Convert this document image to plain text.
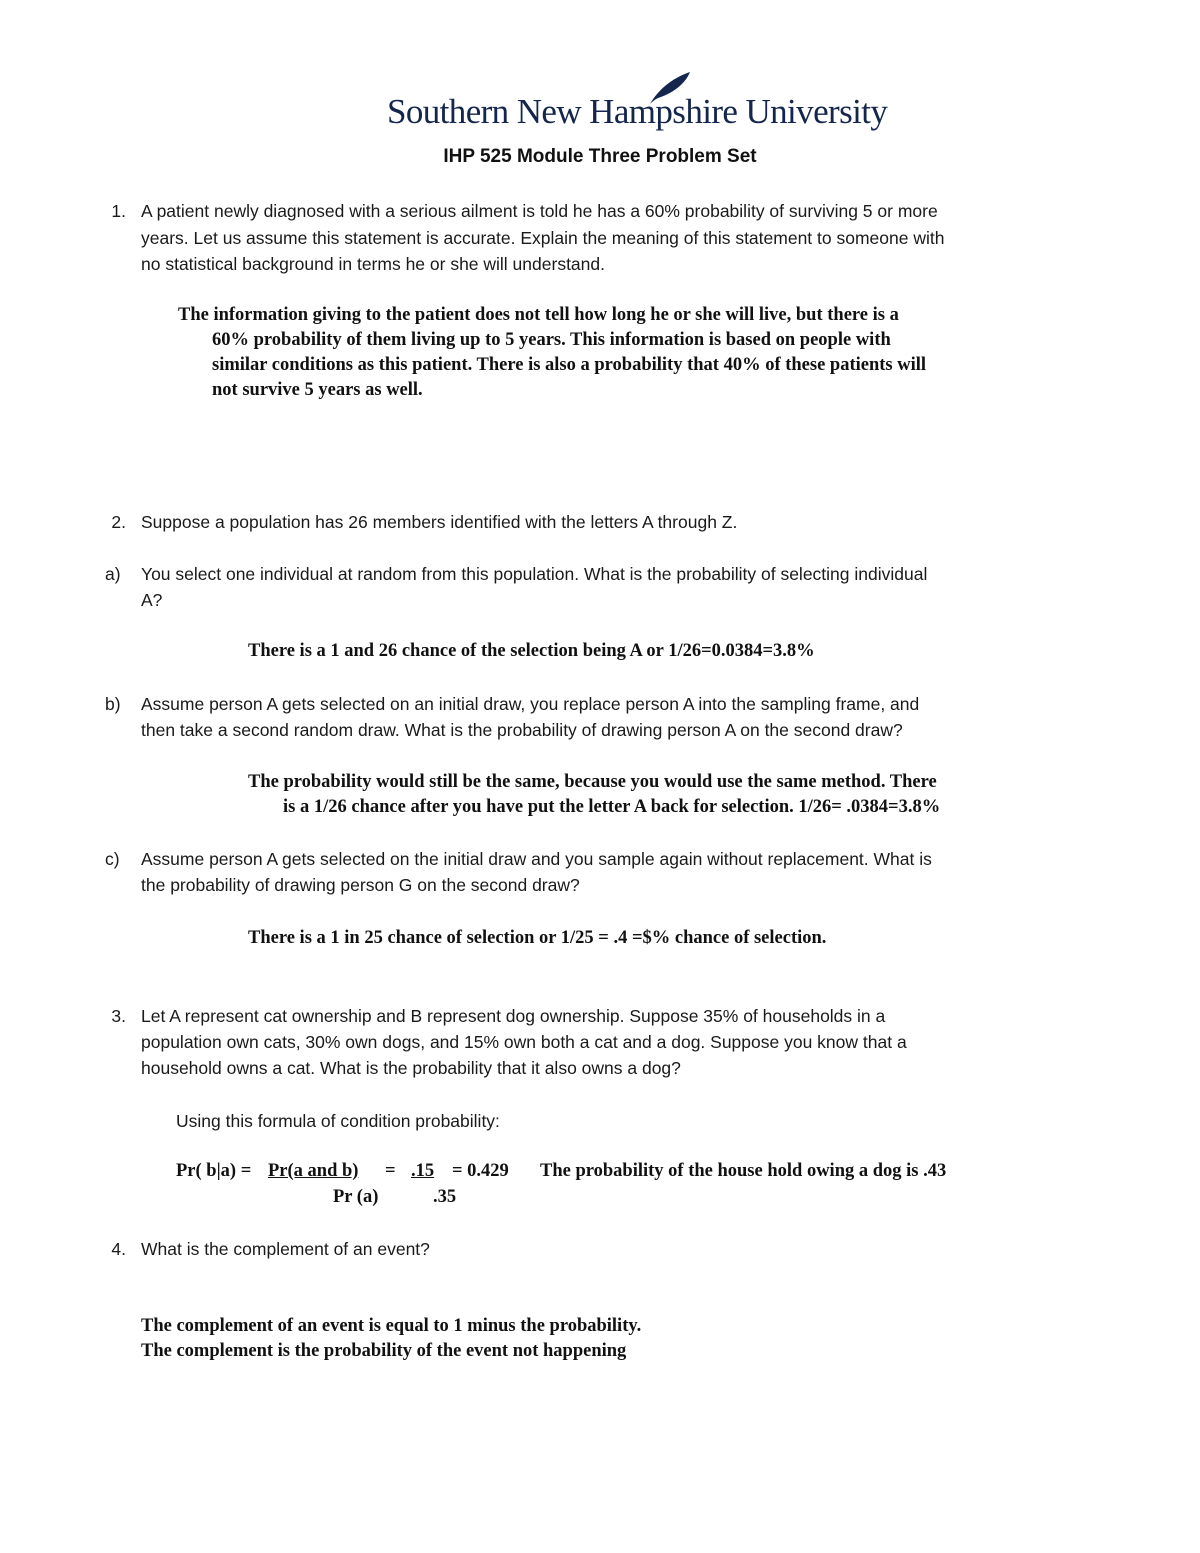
Southern New Hampshire University
IHP 525 Module Three Problem Set
1. A patient newly diagnosed with a serious ailment is told he has a 60% probability of surviving 5 or more
years. Let us assume this statement is accurate. Explain the meaning of this statement to someone with
no statistical background in terms he or she will understand.
The information giving to the patient does not tell how long he or she will live, but there is a
60% probability of them living up to 5 years. This information is based on people with
similar conditions as this patient. There is also a probability that 40% of these patients will
not survive 5 years as well.
2. Suppose a population has 26 members identified with the letters A through Z.
a) You select one individual at random from this population. What is the probability of selecting individual
A?
There is a 1 and 26 chance of the selection being A or 1/26=0.0384=3.8%
b) Assume person A gets selected on an initial draw, you replace person A into the sampling frame, and
then take a second random draw. What is the probability of drawing person A on the second draw?
The probability would still be the same, because you would use the same method. There
is a 1/26 chance after you have put the letter A back for selection. 1/26= .0384=3.8%
c) Assume person A gets selected on the initial draw and you sample again without replacement. What is
the probability of drawing person G on the second draw?
There is a 1 in 25 chance of selection or 1/25 = .4 =$% chance of selection.
3. Let A represent cat ownership and B represent dog ownership. Suppose 35% of households in a
population own cats, 30% own dogs, and 15% own both a cat and a dog. Suppose you know that a
household owns a cat. What is the probability that it also owns a dog?
Using this formula of condition probability:
Pr( b|a) = Pr(a and b) = .15 = 0.429
Pr (a)	.35
The probability of the house hold owing a dog is .43
4. What is the complement of an event?
The complement of an event is equal to 1 minus the probability.
The complement is the probability of the event not happening
